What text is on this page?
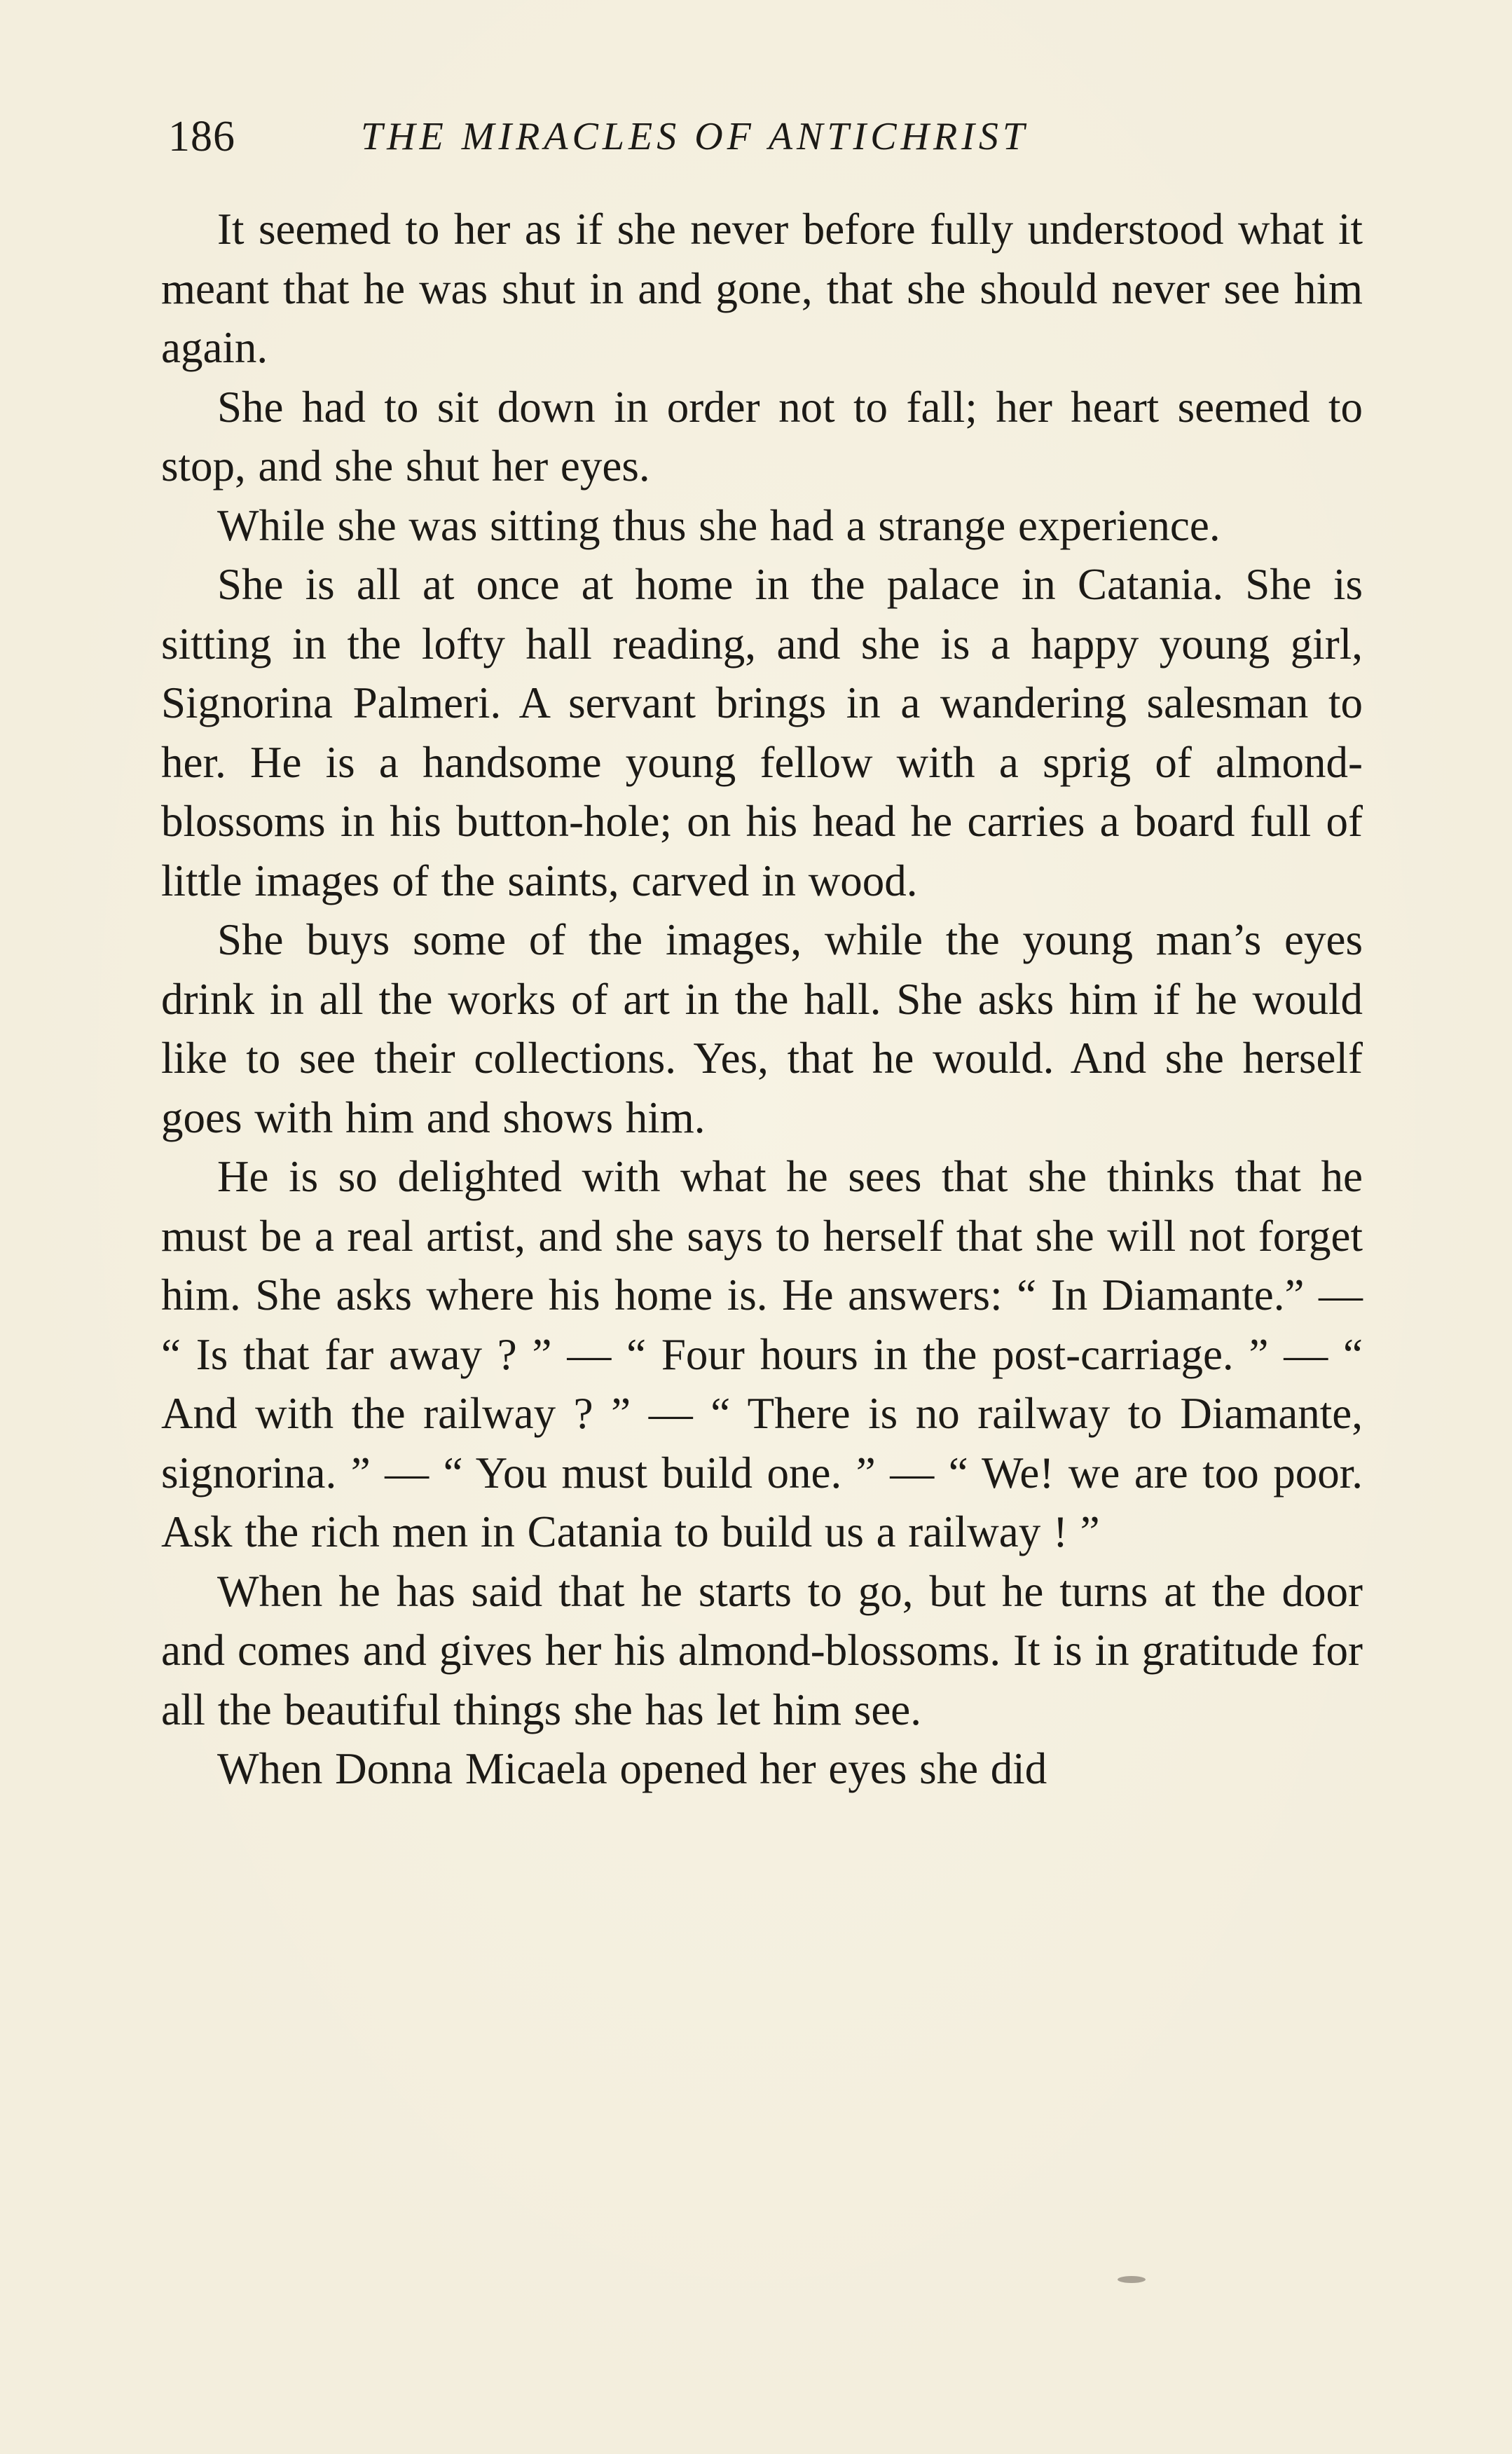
186	THE MIRACLES OF ANTICHRIST

It seemed to her as if she never before fully understood what it meant that he was shut in and gone, that she should never see him again.

She had to sit down in order not to fall; her heart seemed to stop, and she shut her eyes.

While she was sitting thus she had a strange experience.

She is all at once at home in the palace in Catania. She is sitting in the lofty hall reading, and she is a happy young girl, Signorina Palmeri. A servant brings in a wandering salesman to her. He is a handsome young fellow with a sprig of almond-blossoms in his button-hole; on his head he carries a board full of little images of the saints, carved in wood.

She buys some of the images, while the young man’s eyes drink in all the works of art in the hall. She asks him if he would like to see their collections. Yes, that he would. And she herself goes with him and shows him.

He is so delighted with what he sees that she thinks that he must be a real artist, and she says to herself that she will not forget him. She asks where his home is. He answers: “ In Diamante.” — “ Is that far away ? ” — “ Four hours in the post-carriage. ” — “ And with the railway ? ” — “ There is no railway to Diamante, signorina. ” — “ You must build one. ” — “ We! we are too poor. Ask the rich men in Catania to build us a railway ! ”

When he has said that he starts to go, but he turns at the door and comes and gives her his almond-blossoms. It is in gratitude for all the beautiful things she has let him see.

When Donna Micaela opened her eyes she did
